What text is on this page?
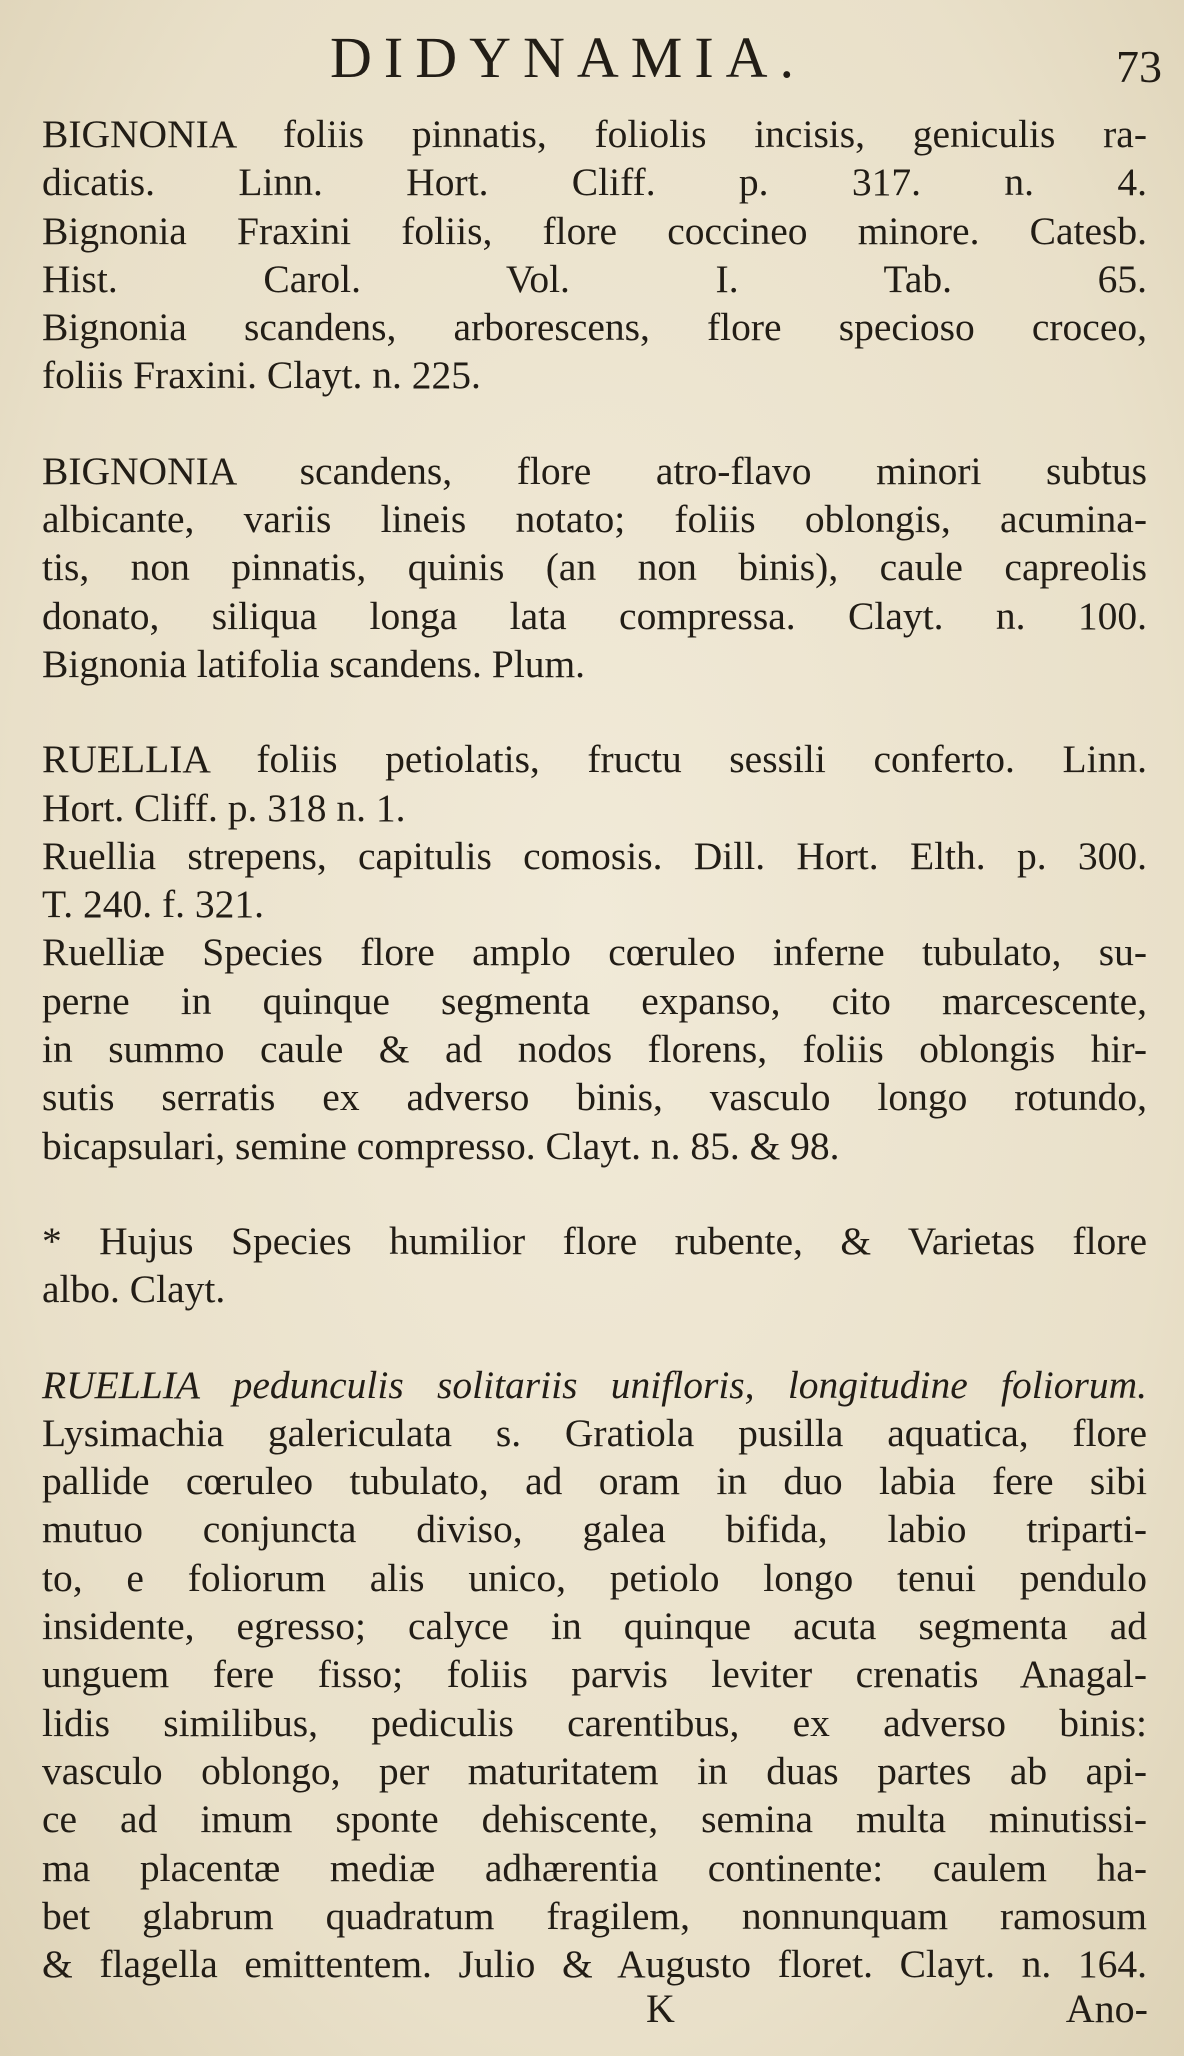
DIDYNAMIA.	73
BIGNONIA foliis pinnatis, foliolis incisis, geniculis ra-
dicatis. Linn. Hort. Cliff. p. 317. n. 4.
Bignonia Fraxini foliis, flore coccineo minore. Catesb.
Hist. Carol. Vol. I. Tab. 65.
Bignonia scandens, arborescens, flore specioso croceo,
foliis Fraxini. Clayt. n. 225.
BIGNONIA scandens, flore atro-flavo minori subtus
albicante, variis lineis notato; foliis oblongis, acumina-
tis, non pinnatis, quinis (an non binis), caule capreolis
donato, siliqua longa lata compressa. Clayt. n. 100.
Bignonia latifolia scandens. Plum.
RUELLIA foliis petiolatis, fructu sessili conferto. Linn.
Hort. Cliff. p. 318 n. 1.
Ruellia strepens, capitulis comosis. Dill. Hort. Elth. p. 300.
T. 240. f. 321.
Ruelliæ Species flore amplo cœruleo inferne tubulato, su-
perne in quinque segmenta expanso, cito marcescente,
in summo caule & ad nodos florens, foliis oblongis hir-
sutis serratis ex adverso binis, vasculo longo rotundo,
bicapsulari, semine compresso. Clayt. n. 85. & 98.
* Hujus Species humilior flore rubente, & Varietas flore
albo. Clayt.
RUELLIA pedunculis solitariis unifloris, longitudine foliorum.
Lysimachia galericulata s. Gratiola pusilla aquatica, flore
pallide cœruleo tubulato, ad oram in duo labia fere sibi
mutuo conjuncta diviso, galea bifida, labio triparti-
to, e foliorum alis unico, petiolo longo tenui pendulo
insidente, egresso; calyce in quinque acuta segmenta ad
unguem fere fisso; foliis parvis leviter crenatis Anagal-
lidis similibus, pediculis carentibus, ex adverso binis:
vasculo oblongo, per maturitatem in duas partes ab api-
ce ad imum sponte dehiscente, semina multa minutissi-
ma placentæ mediæ adhærentia continente: caulem ha-
bet glabrum quadratum fragilem, nonnunquam ramosum
& flagella emittentem. Julio & Augusto floret. Clayt. n. 164.
K	Ano-
